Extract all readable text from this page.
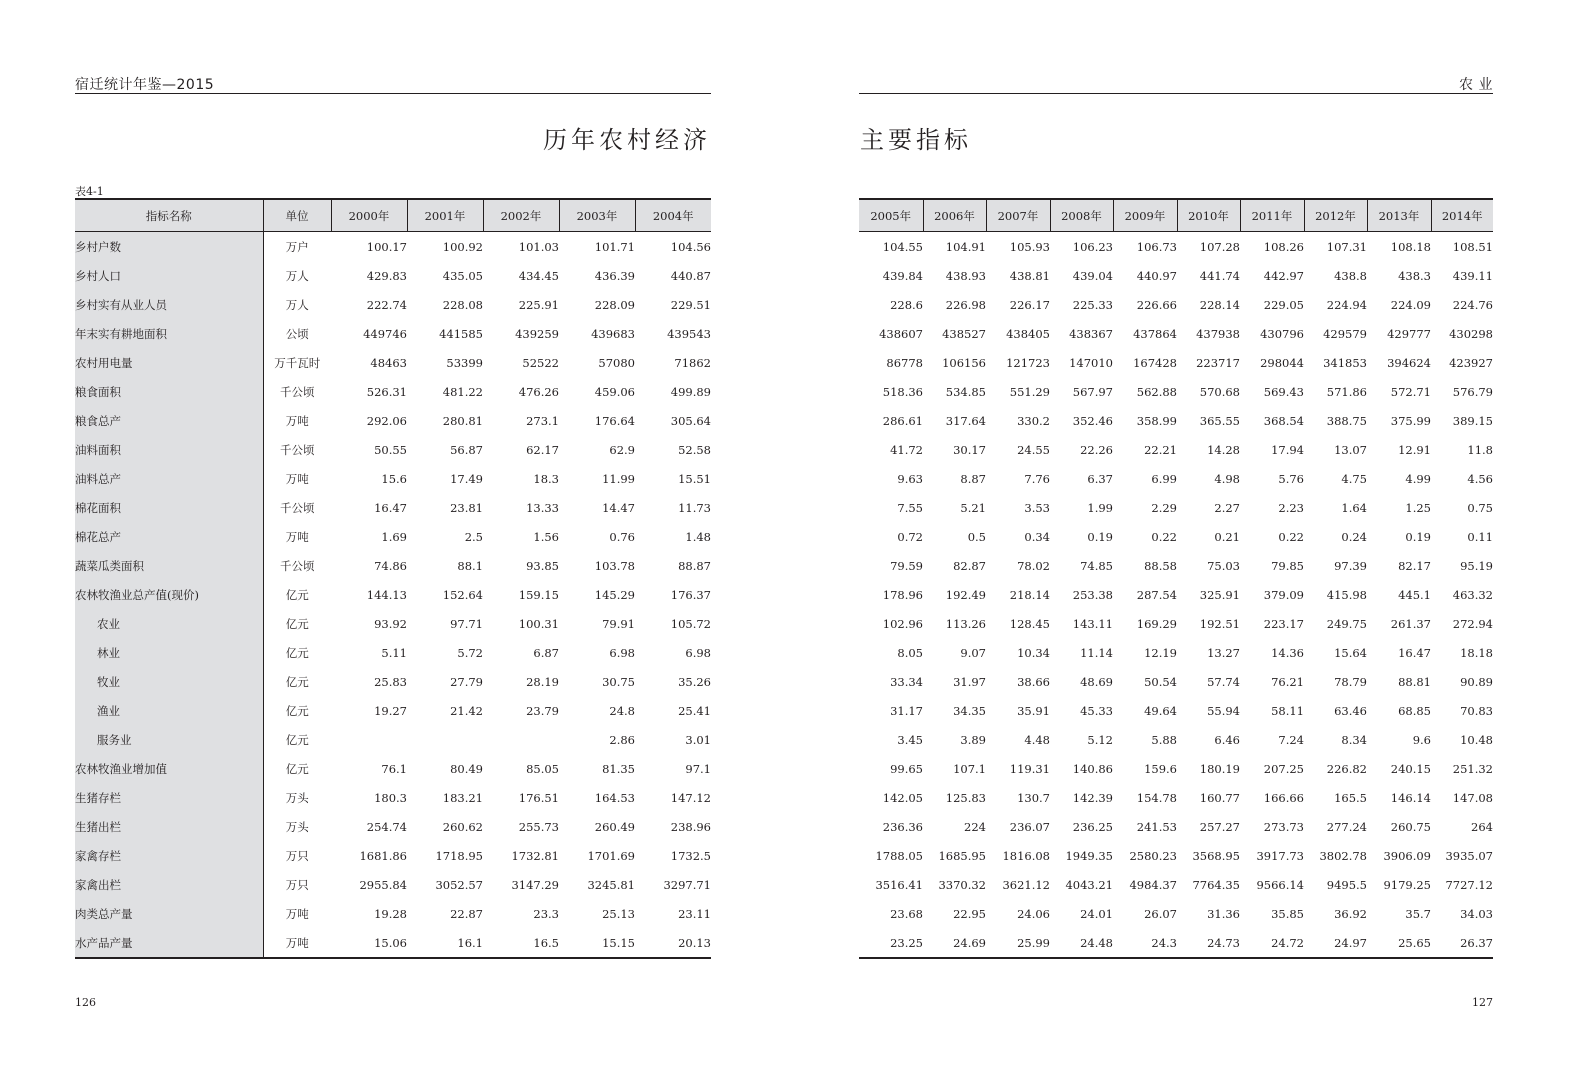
宿迁统计年鉴—2015
历年农村经济
表4-1
指标名称	单位	2000年	2001年	2002年	2003年	2004年
乡村户数	万户	100.17	100.92	101.03	101.71	104.56
乡村人口	万人	429.83	435.05	434.45	436.39	440.87
乡村实有从业人员	万人	222.74	228.08	225.91	228.09	229.51
年末实有耕地面积	公顷	449746	441585	439259	439683	439543
农村用电量	万千瓦时	48463	53399	52522	57080	71862
粮食面积	千公顷	526.31	481.22	476.26	459.06	499.89
粮食总产	万吨	292.06	280.81	273.1	176.64	305.64
油料面积	千公顷	50.55	56.87	62.17	62.9	52.58
油料总产	万吨	15.6	17.49	18.3	11.99	15.51
棉花面积	千公顷	16.47	23.81	13.33	14.47	11.73
棉花总产	万吨	1.69	2.5	1.56	0.76	1.48
蔬菜瓜类面积	千公顷	74.86	88.1	93.85	103.78	88.87
农林牧渔业总产值(现价)	亿元	144.13	152.64	159.15	145.29	176.37
农业	亿元	93.92	97.71	100.31	79.91	105.72
林业	亿元	5.11	5.72	6.87	6.98	6.98
牧业	亿元	25.83	27.79	28.19	30.75	35.26
渔业	亿元	19.27	21.42	23.79	24.8	25.41
服务业	亿元				2.86	3.01
农林牧渔业增加值	亿元	76.1	80.49	85.05	81.35	97.1
生猪存栏	万头	180.3	183.21	176.51	164.53	147.12
生猪出栏	万头	254.74	260.62	255.73	260.49	238.96
家禽存栏	万只	1681.86	1718.95	1732.81	1701.69	1732.5
家禽出栏	万只	2955.84	3052.57	3147.29	3245.81	3297.71
肉类总产量	万吨	19.28	22.87	23.3	25.13	23.11
水产品产量	万吨	15.06	16.1	16.5	15.15	20.13
126
农 业
主要指标
2005年	2006年	2007年	2008年	2009年	2010年	2011年	2012年	2013年	2014年
104.55	104.91	105.93	106.23	106.73	107.28	108.26	107.31	108.18	108.51
439.84	438.93	438.81	439.04	440.97	441.74	442.97	438.8	438.3	439.11
228.6	226.98	226.17	225.33	226.66	228.14	229.05	224.94	224.09	224.76
438607	438527	438405	438367	437864	437938	430796	429579	429777	430298
86778	106156	121723	147010	167428	223717	298044	341853	394624	423927
518.36	534.85	551.29	567.97	562.88	570.68	569.43	571.86	572.71	576.79
286.61	317.64	330.2	352.46	358.99	365.55	368.54	388.75	375.99	389.15
41.72	30.17	24.55	22.26	22.21	14.28	17.94	13.07	12.91	11.8
9.63	8.87	7.76	6.37	6.99	4.98	5.76	4.75	4.99	4.56
7.55	5.21	3.53	1.99	2.29	2.27	2.23	1.64	1.25	0.75
0.72	0.5	0.34	0.19	0.22	0.21	0.22	0.24	0.19	0.11
79.59	82.87	78.02	74.85	88.58	75.03	79.85	97.39	82.17	95.19
178.96	192.49	218.14	253.38	287.54	325.91	379.09	415.98	445.1	463.32
102.96	113.26	128.45	143.11	169.29	192.51	223.17	249.75	261.37	272.94
8.05	9.07	10.34	11.14	12.19	13.27	14.36	15.64	16.47	18.18
33.34	31.97	38.66	48.69	50.54	57.74	76.21	78.79	88.81	90.89
31.17	34.35	35.91	45.33	49.64	55.94	58.11	63.46	68.85	70.83
3.45	3.89	4.48	5.12	5.88	6.46	7.24	8.34	9.6	10.48
99.65	107.1	119.31	140.86	159.6	180.19	207.25	226.82	240.15	251.32
142.05	125.83	130.7	142.39	154.78	160.77	166.66	165.5	146.14	147.08
236.36	224	236.07	236.25	241.53	257.27	273.73	277.24	260.75	264
1788.05	1685.95	1816.08	1949.35	2580.23	3568.95	3917.73	3802.78	3906.09	3935.07
3516.41	3370.32	3621.12	4043.21	4984.37	7764.35	9566.14	9495.5	9179.25	7727.12
23.68	22.95	24.06	24.01	26.07	31.36	35.85	36.92	35.7	34.03
23.25	24.69	25.99	24.48	24.3	24.73	24.72	24.97	25.65	26.37
127
